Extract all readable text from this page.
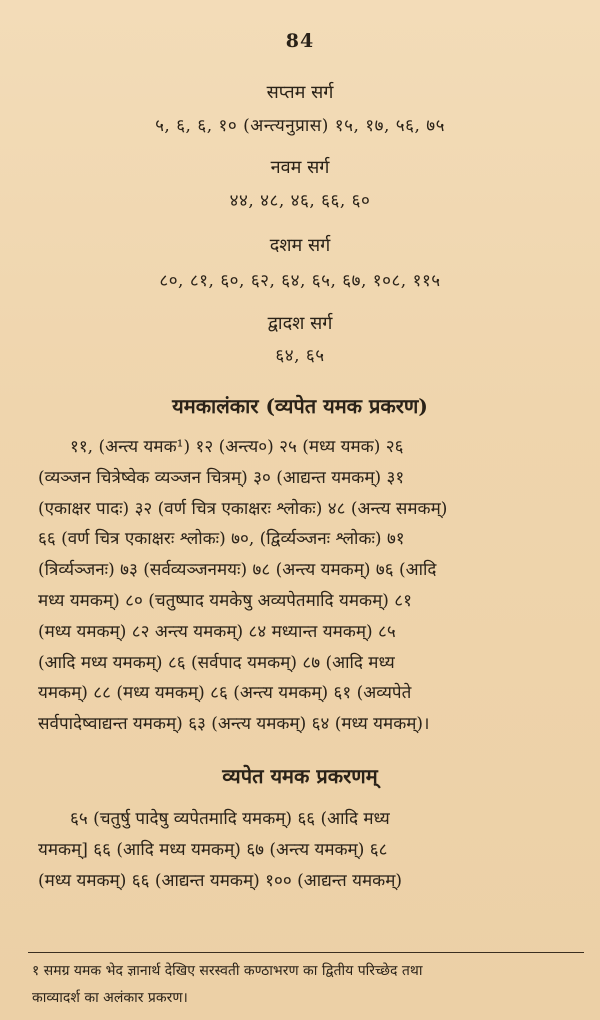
84
सप्तम सर्ग
५, ६, ६, १० (अन्त्यनुप्रास) १५, १७, ५६, ७५
नवम सर्ग
४४, ४८, ४६, ६६, ६०
दशम सर्ग
८०, ८१, ६०, ६२, ६४, ६५, ६७, १०८, ११५
द्वादश सर्ग
६४, ६५
यमकालंकार (व्यपेत यमक प्रकरण)
११, (अन्त्य यमक¹) १२ (अन्त्य०) २५ (मध्य यमक) २६
(व्यञ्जन चित्रेष्वेक व्यञ्जन चित्रम्) ३० (आद्यन्त यमकम्) ३१
(एकाक्षर पादः) ३२ (वर्ण चित्र एकाक्षरः श्लोकः) ४८ (अन्त्य समकम्)
६६ (वर्ण चित्र एकाक्षरः श्लोकः) ७०, (द्विर्व्यञ्जनः श्लोकः) ७१
(त्रिर्व्यञ्जनः) ७३ (सर्वव्यञ्जनमयः) ७८ (अन्त्य यमकम्) ७६ (आदि
मध्य यमकम्) ८० (चतुष्पाद यमकेषु अव्यपेतमादि यमकम्) ८१
(मध्य यमकम्) ८२ अन्त्य यमकम्) ८४ मध्यान्त यमकम्) ८५
(आदि मध्य यमकम्) ८६ (सर्वपाद यमकम्) ८७ (आदि मध्य
यमकम्) ८८ (मध्य यमकम्) ८६ (अन्त्य यमकम्) ६१ (अव्यपेते
सर्वपादेष्वाद्यन्त यमकम्) ६३ (अन्त्य यमकम्) ६४ (मध्य यमकम्)।
व्यपेत यमक प्रकरणम्
६५ (चतुर्षु पादेषु व्यपेतमादि यमकम्) ६६ (आदि मध्य
यमकम्] ६६ (आदि मध्य यमकम्) ६७ (अन्त्य यमकम्) ६८
(मध्य यमकम्) ६६ (आद्यन्त यमकम्) १०० (आद्यन्त यमकम्)
१ समग्र यमक भेद ज्ञानार्थ देखिए सरस्वती कण्ठाभरण का द्वितीय परिच्छेद तथा
काव्यादर्श का अलंकार प्रकरण।
